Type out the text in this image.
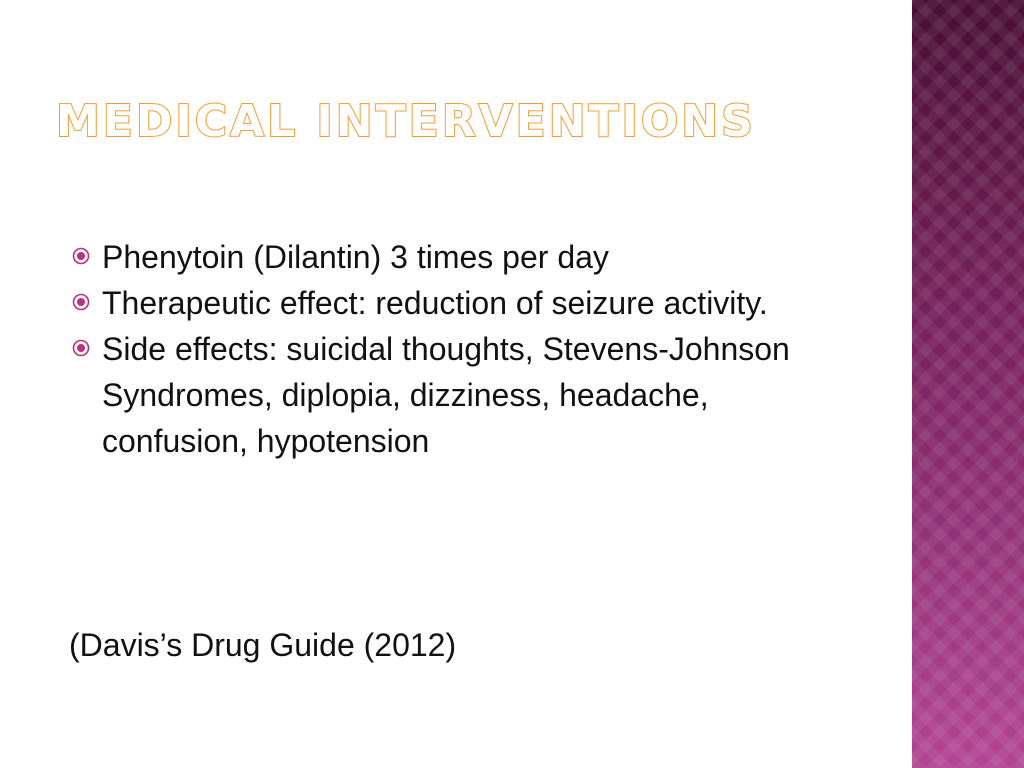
MEDICAL INTERVENTIONS
Phenytoin (Dilantin) 3 times per day
Therapeutic effect: reduction of seizure activity.
Side effects: suicidal thoughts, Stevens-Johnson Syndromes, diplopia, dizziness, headache, confusion, hypotension

(Davis’s Drug Guide (2012)
